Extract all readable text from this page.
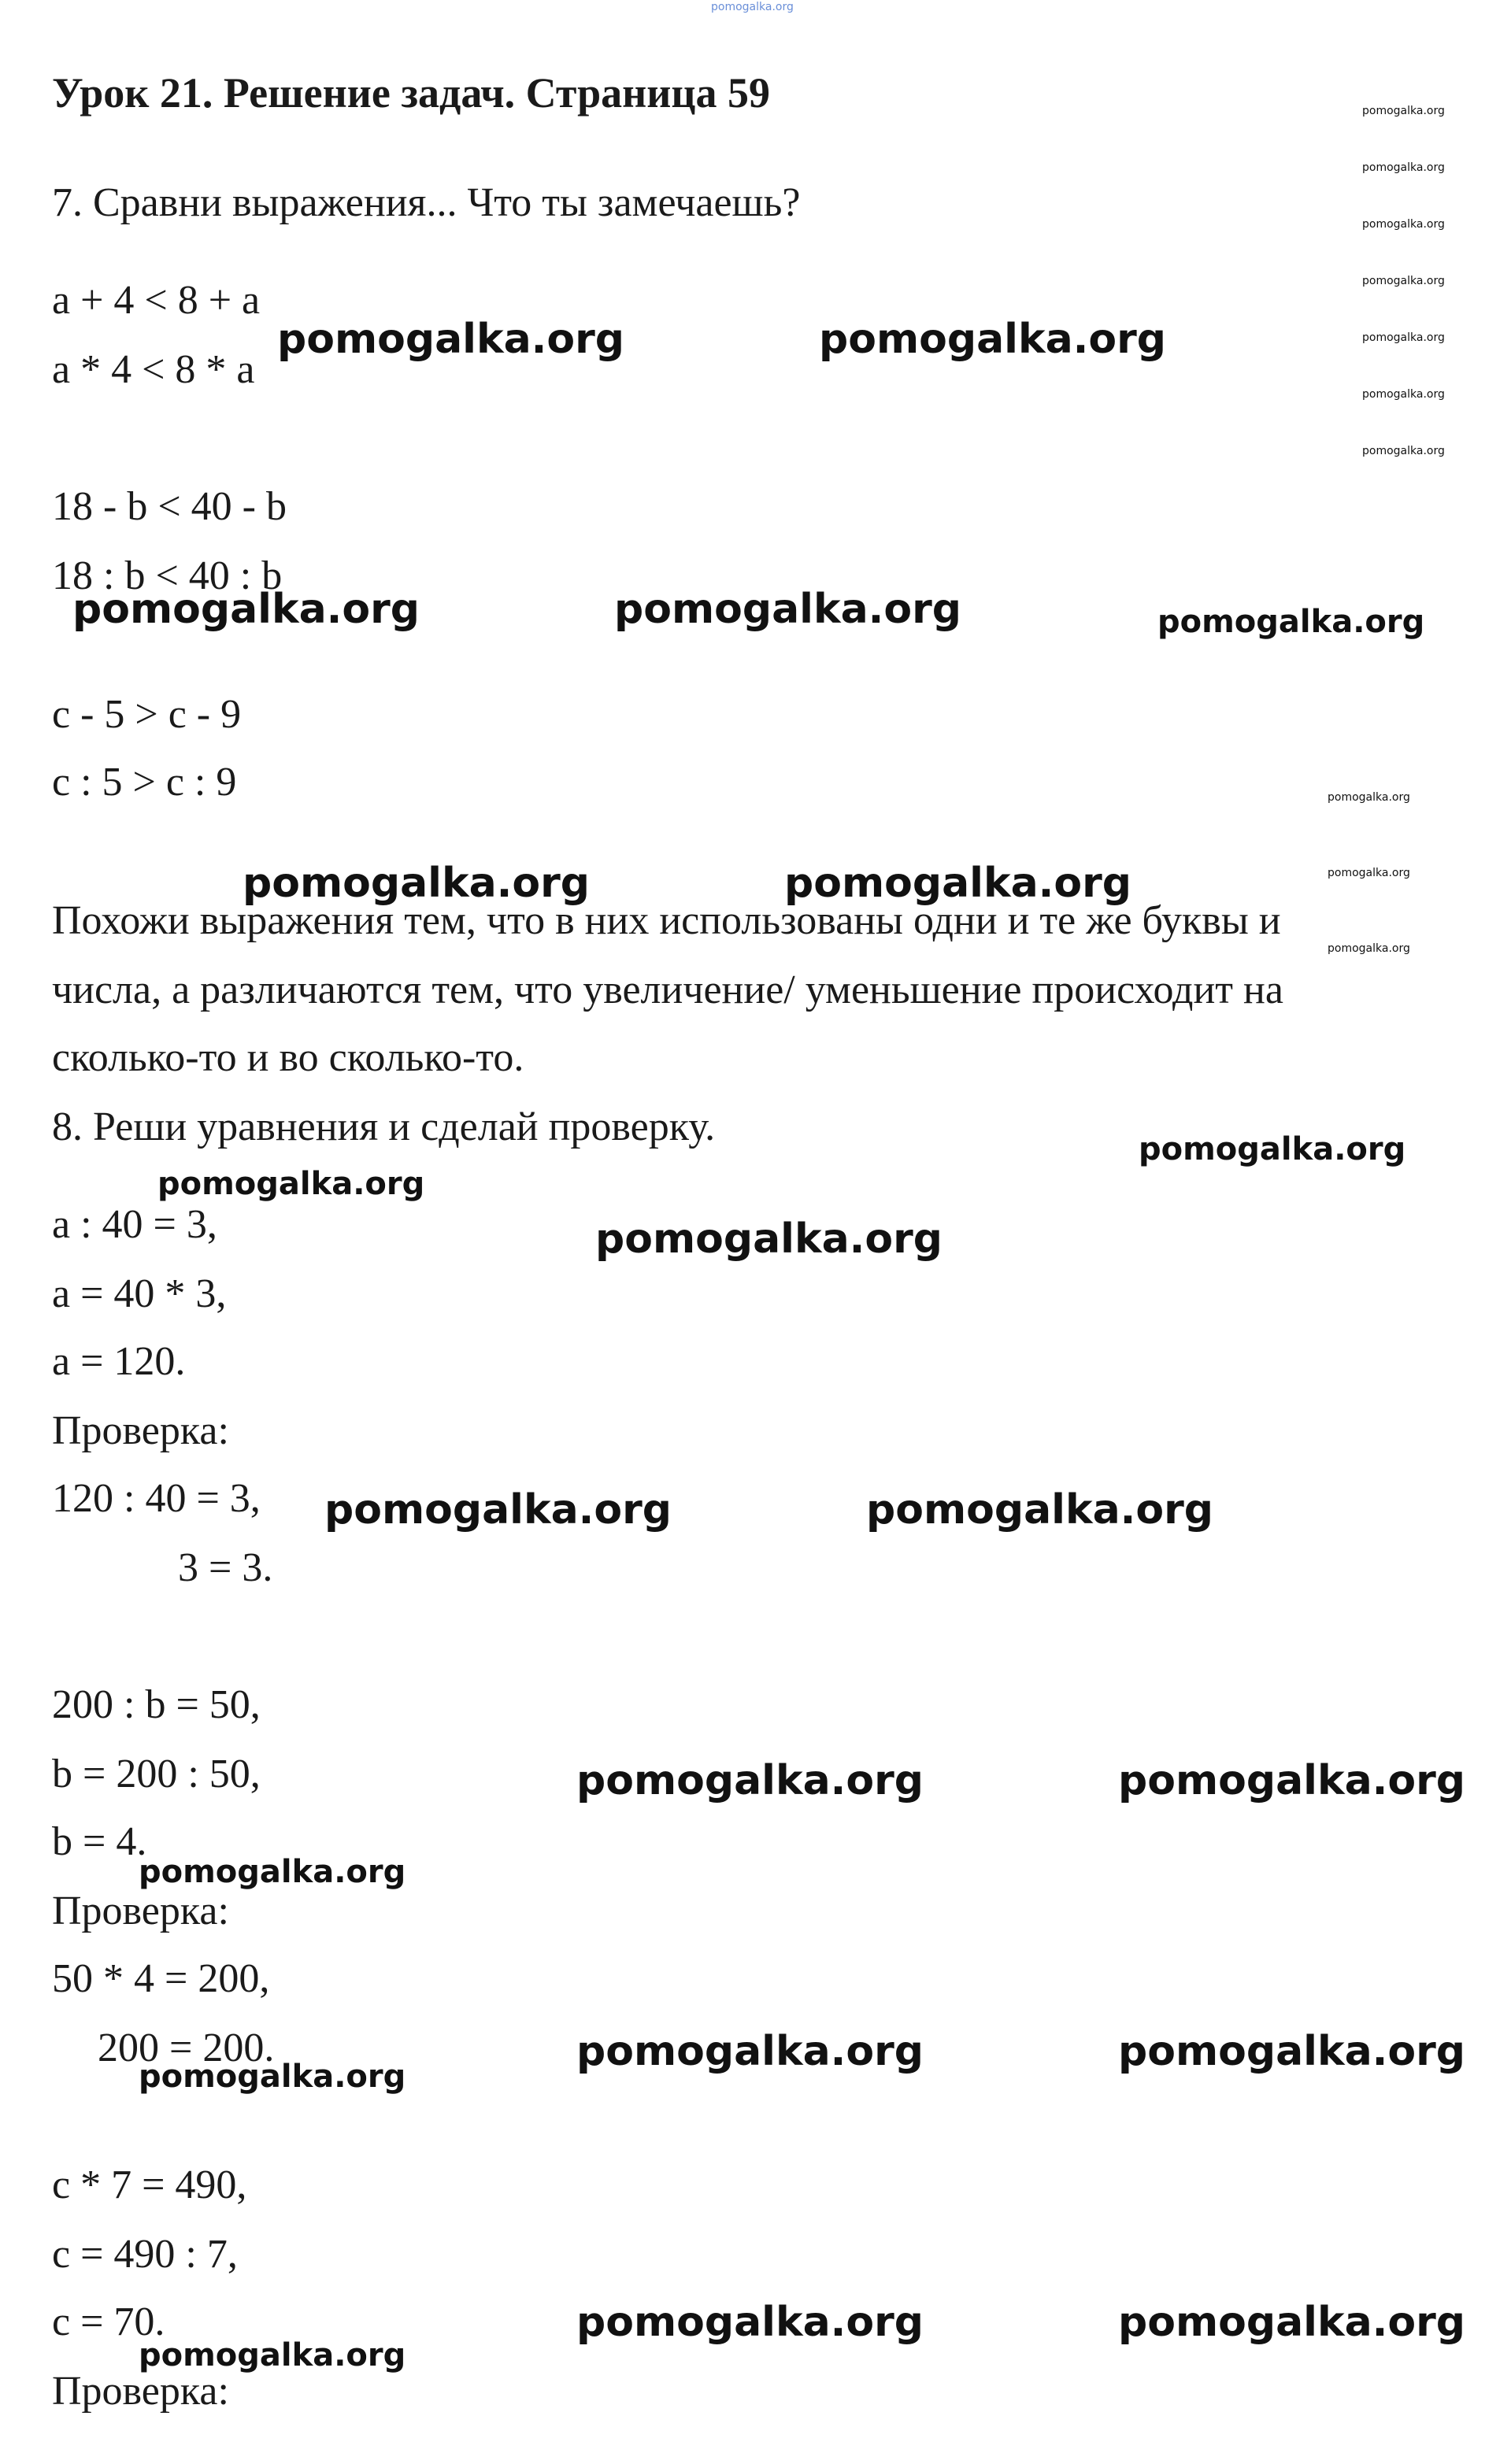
pomogalka.org
Урок 21. Решение задач. Страница 59
7. Сравни выражения... Что ты замечаешь?
a + 4 < 8 + a
a * 4 < 8 * a
18 - b < 40 - b
18 : b < 40 : b
c - 5 > c - 9
c : 5 > c : 9
Похожи выражения тем, что в них использованы одни и те же буквы и
числа, а различаются тем, что увеличение/ уменьшение происходит на
сколько-то и во сколько-то.
8. Реши уравнения и сделай проверку.
a : 40 = 3,
a = 40 * 3,
a = 120.
Проверка:
120 : 40 = 3,
3 = 3.
200 : b = 50,
b = 200 : 50,
b = 4.
Проверка:
50 * 4 = 200,
200 = 200.
c * 7 = 490,
c = 490 : 7,
c = 70.
Проверка:
pomogalka.org
pomogalka.org
pomogalka.org
pomogalka.org
pomogalka.org
pomogalka.org
pomogalka.org
pomogalka.org
pomogalka.org
pomogalka.org
pomogalka.org	pomogalka.org
pomogalka.org	pomogalka.org	pomogalka.org
pomogalka.org	pomogalka.org
pomogalka.org
pomogalka.org
pomogalka.org
pomogalka.org	pomogalka.org
pomogalka.org	pomogalka.org
pomogalka.org
pomogalka.org	pomogalka.org
pomogalka.org
pomogalka.org	pomogalka.org
pomogalka.org
